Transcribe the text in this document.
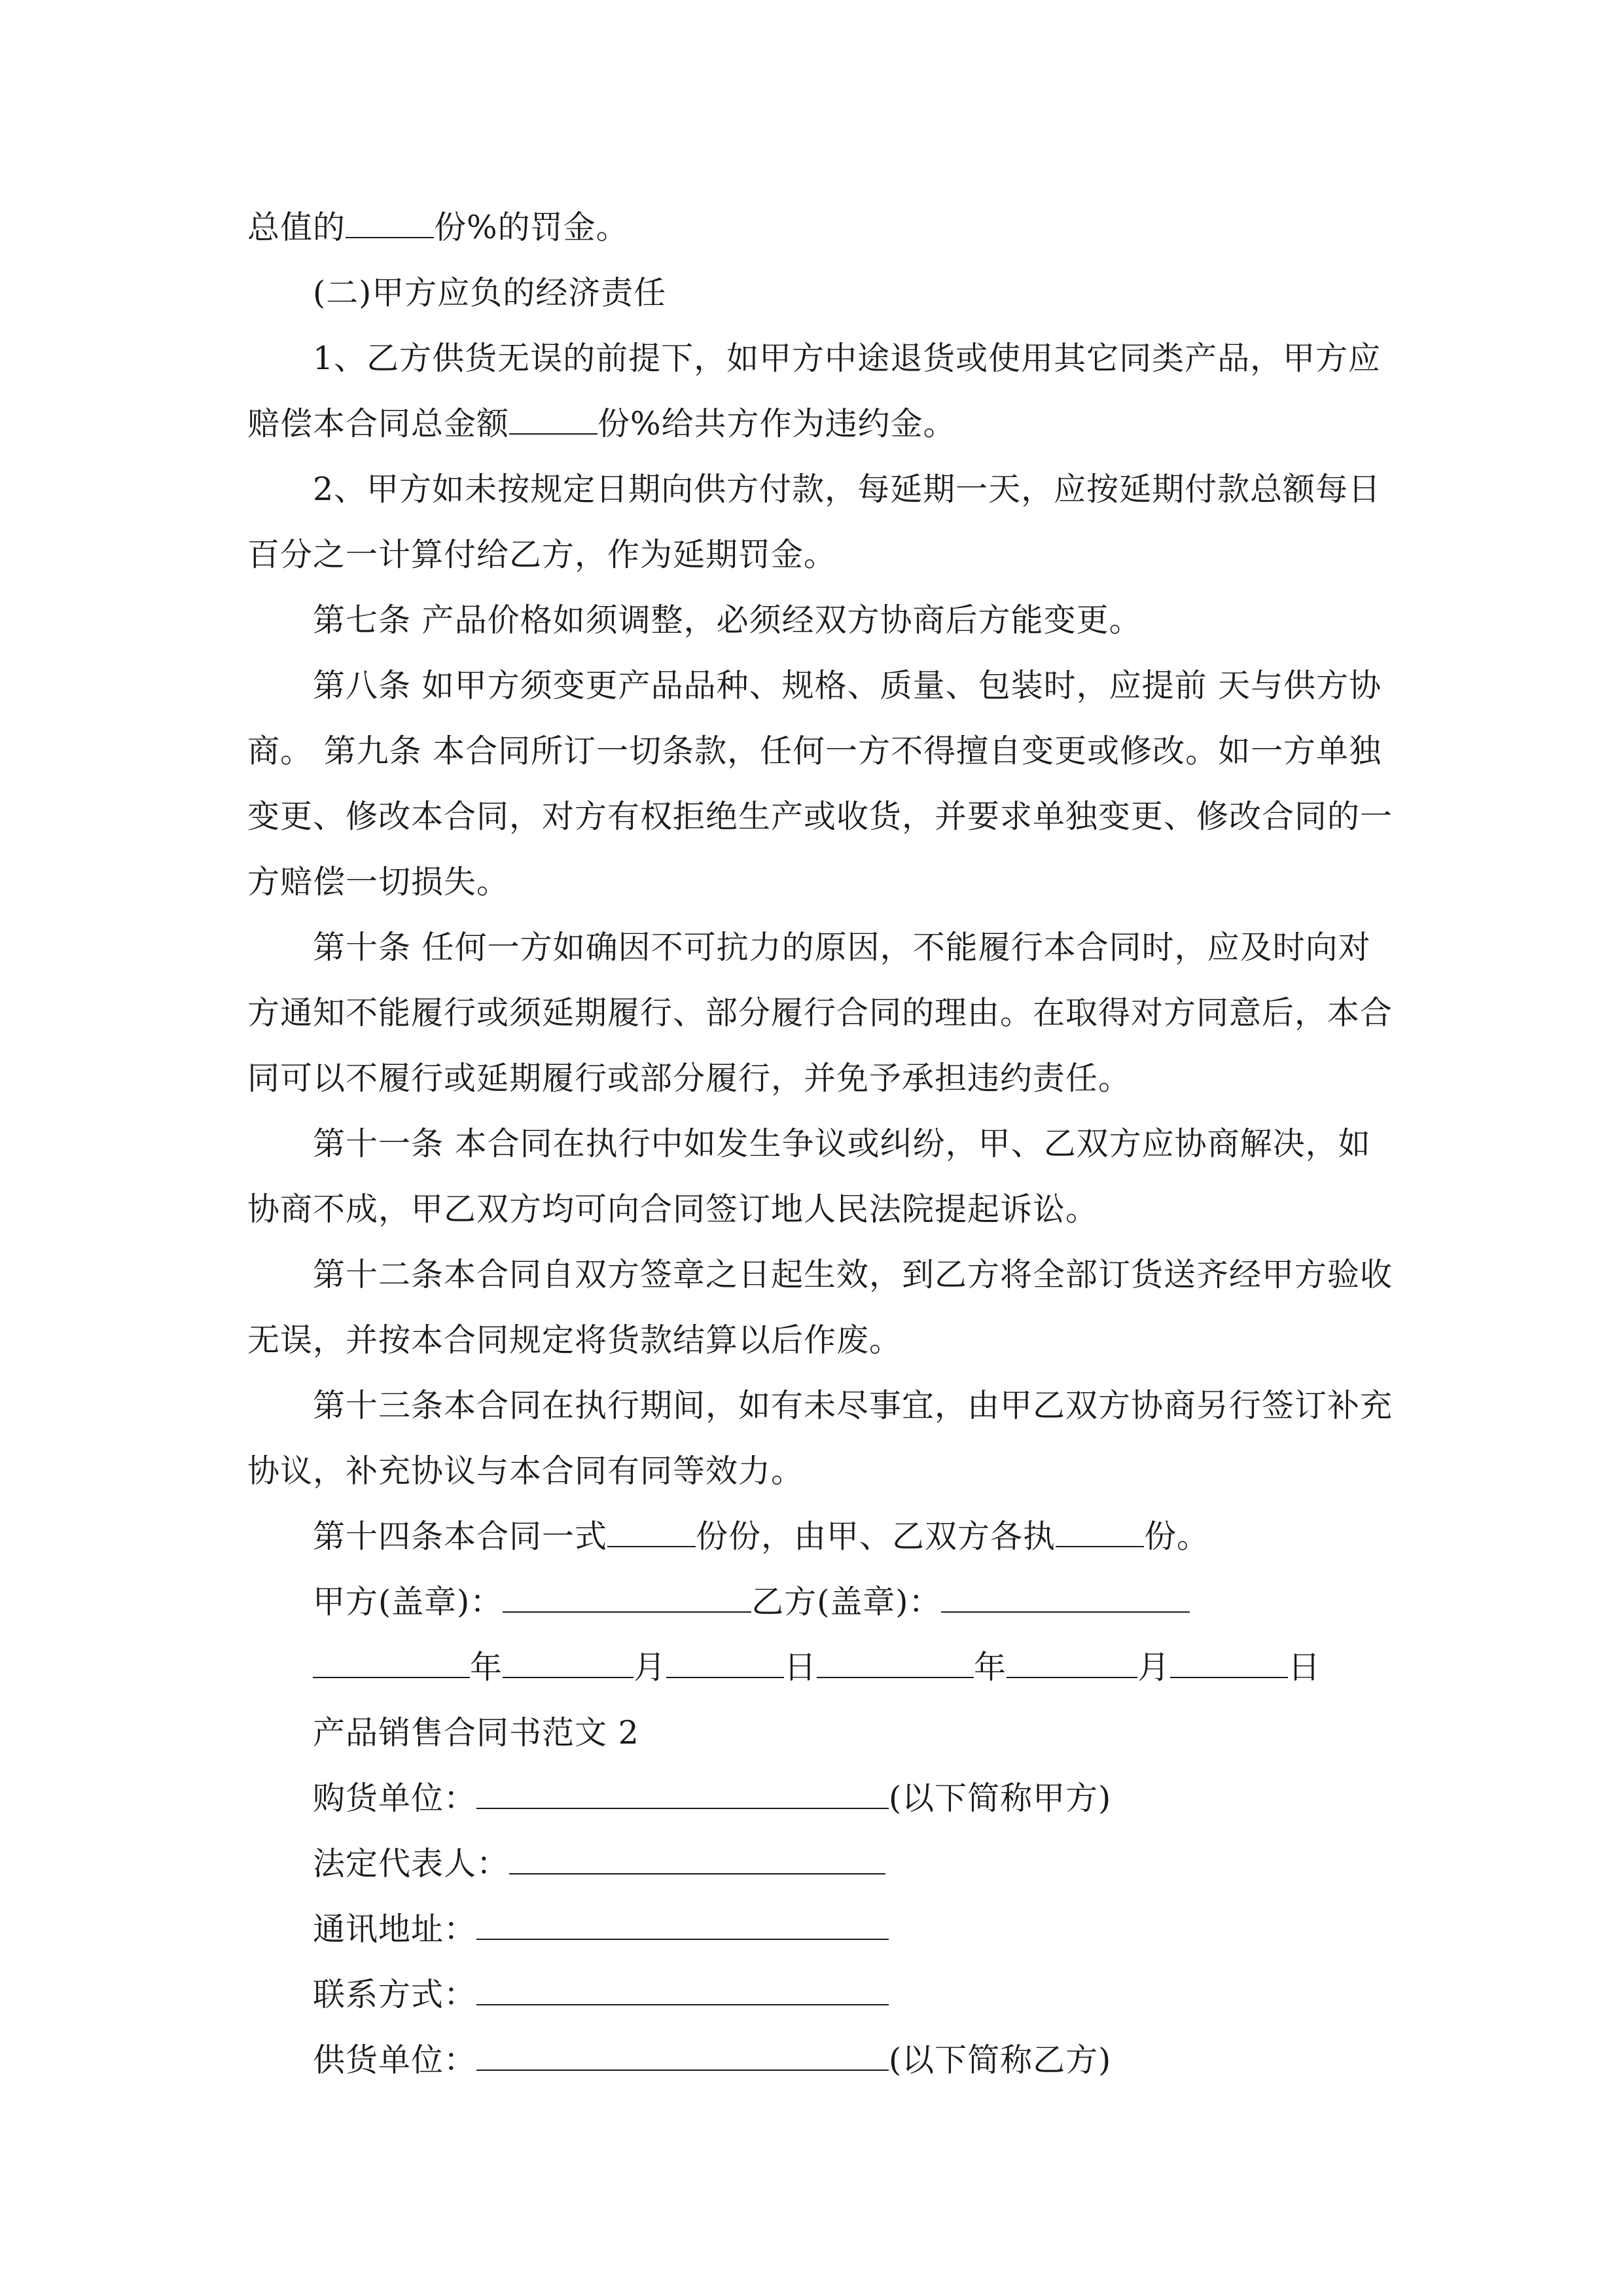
总值的	份%的罚金。
(二)甲方应负的经济责任
1、乙方供货无误的前提下，如甲方中途退货或使用其它同类产品，甲方应
赔偿本合同总金额	份%给共方作为违约金。
2、甲方如未按规定日期向供方付款，每延期一天，应按延期付款总额每日
百分之一计算付给乙方，作为延期罚金。
第七条 产品价格如须调整，必须经双方协商后方能变更。
第八条 如甲方须变更产品品种、规格、质量、包装时，应提前 天与供方协
商。 第九条 本合同所订一切条款，任何一方不得擅自变更或修改。如一方单独
变更、修改本合同，对方有权拒绝生产或收货，并要求单独变更、修改合同的一
方赔偿一切损失。
第十条 任何一方如确因不可抗力的原因，不能履行本合同时，应及时向对
方通知不能履行或须延期履行、部分履行合同的理由。在取得对方同意后，本合
同可以不履行或延期履行或部分履行，并免予承担违约责任。
第十一条 本合同在执行中如发生争议或纠纷，甲、乙双方应协商解决，如
协商不成，甲乙双方均可向合同签订地人民法院提起诉讼。
第十二条本合同自双方签章之日起生效，到乙方将全部订货送齐经甲方验收
无误，并按本合同规定将货款结算以后作废。
第十三条本合同在执行期间，如有未尽事宜，由甲乙双方协商另行签订补充
协议，补充协议与本合同有同等效力。
第十四条本合同一式	份份，由甲、乙双方各执	份。
甲方(盖章)：	乙方(盖章)：
年	月	日	年	月	日
产品销售合同书范文 2
购货单位：	(以下简称甲方)
法定代表人：
通讯地址：
联系方式：
供货单位：	(以下简称乙方)
